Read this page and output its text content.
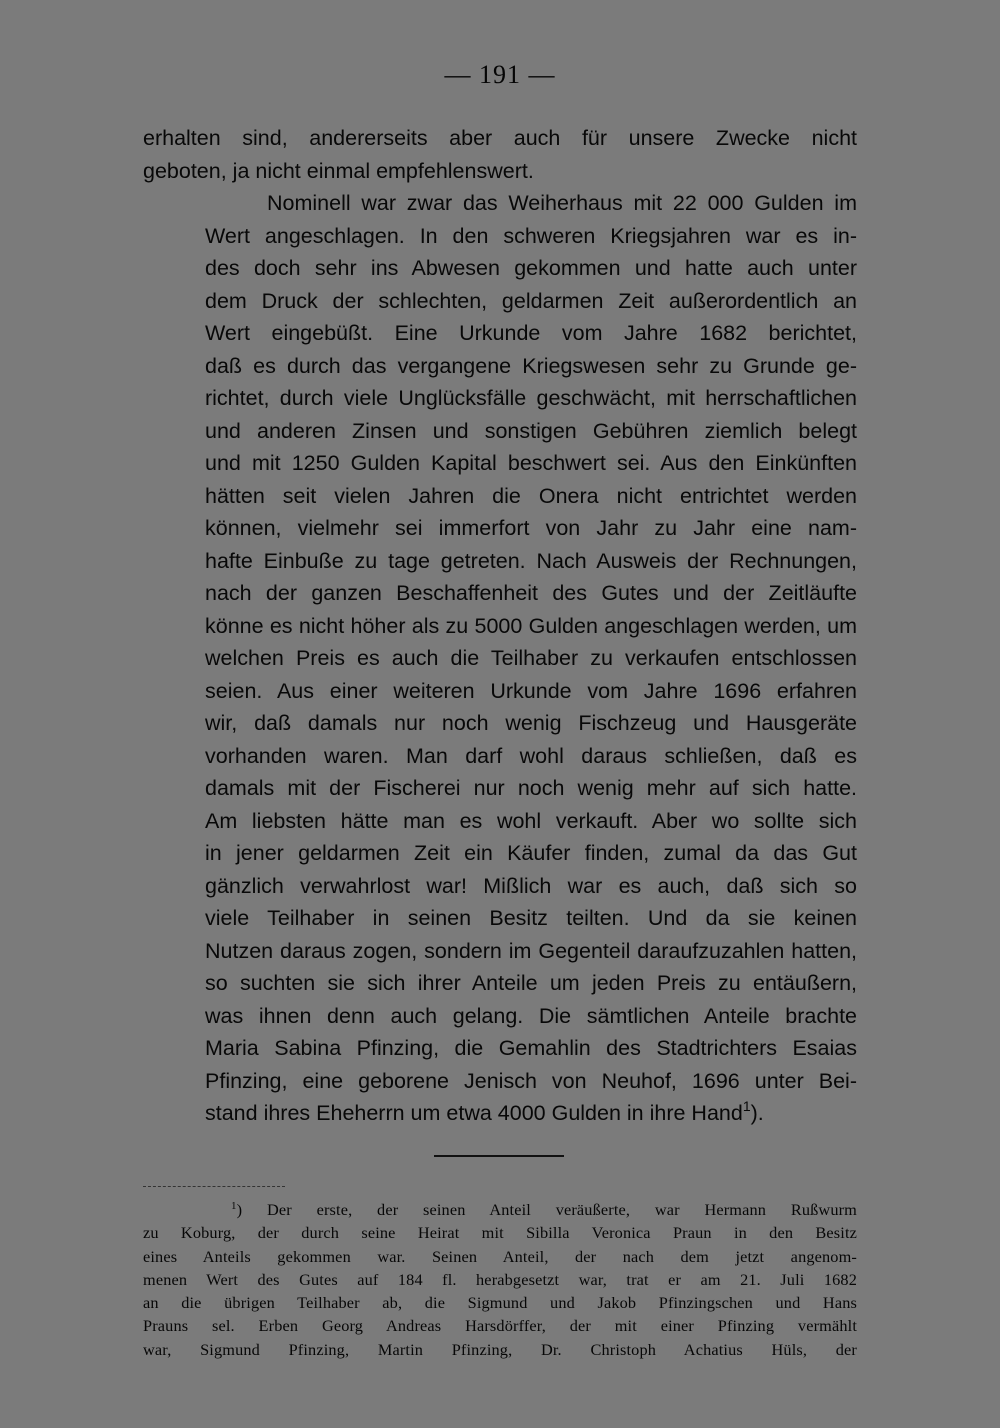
— 191 —

erhalten sind, andererseits aber auch für unsere Zwecke nicht
geboten, ja nicht einmal empfehlenswert.

Nominell war zwar das Weiherhaus mit 22 000 Gulden im
Wert angeschlagen. In den schweren Kriegsjahren war es in-
des doch sehr ins Abwesen gekommen und hatte auch unter
dem Druck der schlechten, geldarmen Zeit außerordentlich an
Wert eingebüßt. Eine Urkunde vom Jahre 1682 berichtet,
daß es durch das vergangene Kriegswesen sehr zu Grunde ge-
richtet, durch viele Unglücksfälle geschwächt, mit herrschaftlichen
und anderen Zinsen und sonstigen Gebühren ziemlich belegt
und mit 1250 Gulden Kapital beschwert sei. Aus den Einkünften
hätten seit vielen Jahren die Onera nicht entrichtet werden
können, vielmehr sei immerfort von Jahr zu Jahr eine nam-
hafte Einbuße zu tage getreten. Nach Ausweis der Rechnungen,
nach der ganzen Beschaffenheit des Gutes und der Zeitläufte
könne es nicht höher als zu 5000 Gulden angeschlagen werden, um
welchen Preis es auch die Teilhaber zu verkaufen entschlossen
seien. Aus einer weiteren Urkunde vom Jahre 1696 erfahren
wir, daß damals nur noch wenig Fischzeug und Hausgeräte
vorhanden waren. Man darf wohl daraus schließen, daß es
damals mit der Fischerei nur noch wenig mehr auf sich hatte.
Am liebsten hätte man es wohl verkauft. Aber wo sollte sich
in jener geldarmen Zeit ein Käufer finden, zumal da das Gut
gänzlich verwahrlost war! Mißlich war es auch, daß sich so
viele Teilhaber in seinen Besitz teilten. Und da sie keinen
Nutzen daraus zogen, sondern im Gegenteil daraufzuzahlen hatten,
so suchten sie sich ihrer Anteile um jeden Preis zu entäußern,
was ihnen denn auch gelang. Die sämtlichen Anteile brachte
Maria Sabina Pfinzing, die Gemahlin des Stadtrichters Esaias
Pfinzing, eine geborene Jenisch von Neuhof, 1696 unter Bei-
stand ihres Eheherrn um etwa 4000 Gulden in ihre Hand$^1$).

$^1$) Der erste, der seinen Anteil veräußerte, war Hermann Rußwurm
zu Koburg, der durch seine Heirat mit Sibilla Veronica Praun in den Besitz
eines Anteils gekommen war. Seinen Anteil, der nach dem jetzt angenom-
menen Wert des Gutes auf 184 fl. herabgesetzt war, trat er am 21. Juli 1682
an die übrigen Teilhaber ab, die Sigmund und Jakob Pfinzingschen und Hans
Prauns sel. Erben Georg Andreas Harsdörffer, der mit einer Pfinzing vermählt
war, Sigmund Pfinzing, Martin Pfinzing, Dr. Christoph Achatius Hüls, der
